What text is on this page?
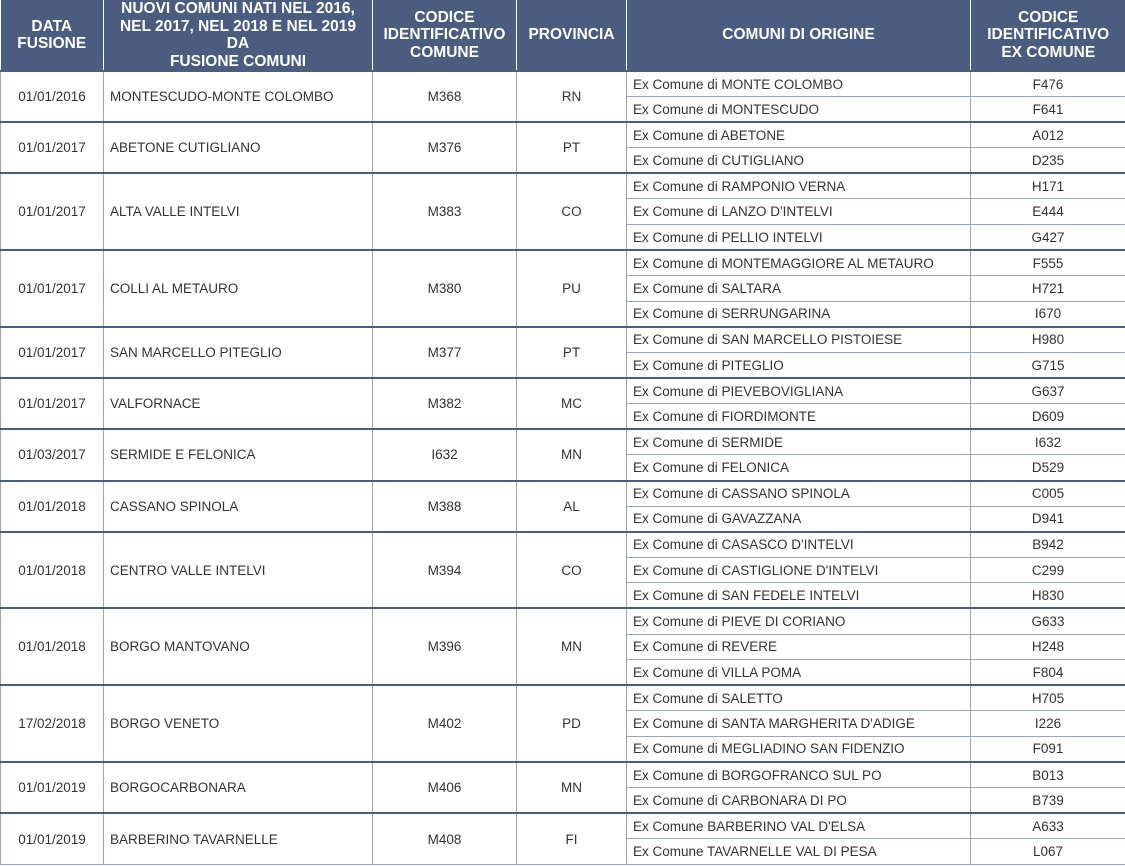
DATA
FUSIONE	NUOVI COMUNI NATI NEL 2016,
NEL 2017, NEL 2018 E NEL 2019 DA
FUSIONE COMUNI	CODICE
IDENTIFICATIVO
COMUNE	PROVINCIA	COMUNI DI ORIGINE	CODICE
IDENTIFICATIVO
EX COMUNE
01/01/2016	MONTESCUDO-MONTE COLOMBO	M368	RN	Ex Comune di MONTE COLOMBO	F476
				Ex Comune di MONTESCUDO	F641
01/01/2017	ABETONE CUTIGLIANO	M376	PT	Ex Comune di ABETONE	A012
				Ex Comune di CUTIGLIANO	D235
01/01/2017	ALTA VALLE INTELVI	M383	CO	Ex Comune di RAMPONIO VERNA	H171
				Ex Comune di LANZO D'INTELVI	E444
				Ex Comune di PELLIO INTELVI	G427
01/01/2017	COLLI AL METAURO	M380	PU	Ex Comune di MONTEMAGGIORE AL METAURO	F555
				Ex Comune di SALTARA	H721
				Ex Comune di SERRUNGARINA	I670
01/01/2017	SAN MARCELLO PITEGLIO	M377	PT	Ex Comune di SAN MARCELLO PISTOIESE	H980
				Ex Comune di PITEGLIO	G715
01/01/2017	VALFORNACE	M382	MC	Ex Comune di PIEVEBOVIGLIANA	G637
				Ex Comune di FIORDIMONTE	D609
01/03/2017	SERMIDE E FELONICA	I632	MN	Ex Comune di SERMIDE	I632
				Ex Comune di FELONICA	D529
01/01/2018	CASSANO SPINOLA	M388	AL	Ex Comune di CASSANO SPINOLA	C005
				Ex Comune di GAVAZZANA	D941
01/01/2018	CENTRO VALLE INTELVI	M394	CO	Ex Comune di CASASCO D'INTELVI	B942
				Ex Comune di CASTIGLIONE D'INTELVI	C299
				Ex Comune di SAN FEDELE INTELVI	H830
01/01/2018	BORGO MANTOVANO	M396	MN	Ex Comune di PIEVE DI CORIANO	G633
				Ex Comune di REVERE	H248
				Ex Comune di VILLA POMA	F804
17/02/2018	BORGO VENETO	M402	PD	Ex Comune di SALETTO	H705
				Ex Comune di SANTA MARGHERITA D'ADIGE	I226
				Ex Comune di MEGLIADINO SAN FIDENZIO	F091
01/01/2019	BORGOCARBONARA	M406	MN	Ex Comune di BORGOFRANCO SUL PO	B013
				Ex Comune di CARBONARA DI PO	B739
01/01/2019	BARBERINO TAVARNELLE	M408	FI	Ex Comune BARBERINO VAL D'ELSA	A633
				Ex Comune TAVARNELLE VAL DI PESA	L067
